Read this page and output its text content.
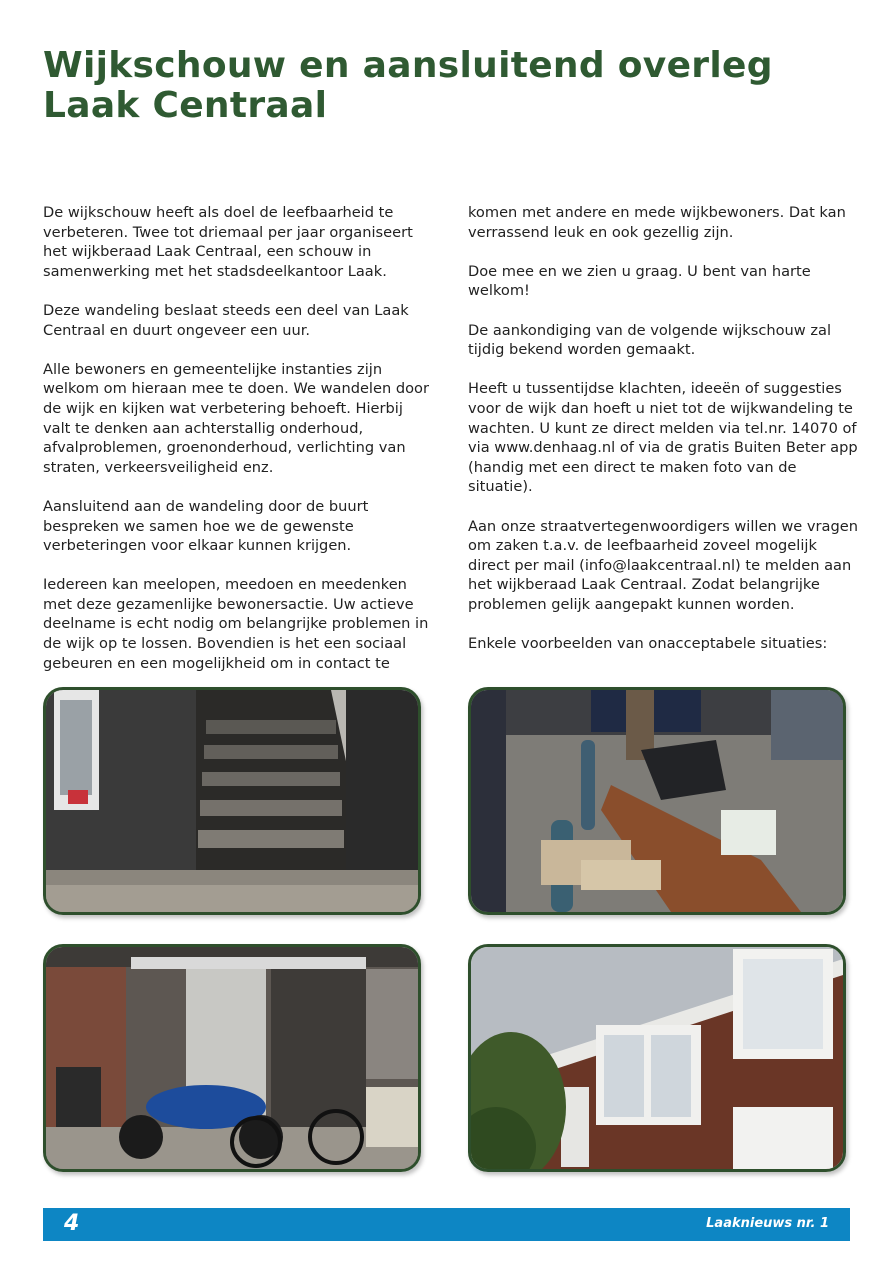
Wijkschouw en aansluitend overleg
Laak Centraal

De wijkschouw heeft als doel de leefbaarheid te verbeteren. Twee tot driemaal per jaar organiseert het wijkberaad Laak Centraal, een schouw in samenwerking met het stadsdeelkantoor Laak.

Deze wandeling beslaat steeds een deel van Laak Centraal en duurt ongeveer een uur.

Alle bewoners en gemeentelijke instanties zijn welkom om hieraan mee te doen. We wandelen door de wijk en kijken wat verbetering behoeft. Hierbij valt te denken aan achterstallig onderhoud, afvalproblemen, groenonderhoud, verlichting van straten, verkeersveiligheid enz.

Aansluitend aan de wandeling door de buurt bespreken we samen hoe we de gewenste verbeteringen voor elkaar kunnen krijgen.

Iedereen kan meelopen, meedoen en meedenken met deze gezamenlijke bewonersactie. Uw actieve deelname is echt nodig om belangrijke problemen in de wijk op te lossen. Bovendien is het een sociaal gebeuren en een mogelijkheid om in contact te

komen met andere en mede wijkbewoners. Dat kan verrassend leuk en ook gezellig zijn.

Doe mee en we zien u graag. U bent van harte welkom!

De aankondiging van de volgende wijkschouw zal tijdig bekend worden gemaakt.

Heeft u tussentijdse klachten, ideeën of suggesties voor de wijk dan hoeft u niet tot de wijkwandeling te wachten. U kunt ze direct melden via tel.nr. 14070 of via www.denhaag.nl of via de gratis Buiten Beter app (handig met een direct te maken foto van de situatie).

Aan onze straatvertegenwoordigers willen we vragen om zaken t.a.v. de leefbaarheid zoveel mogelijk direct per mail (info@laakcentraal.nl) te melden aan het wijkberaad Laak Centraal. Zodat belangrijke problemen gelijk aangepakt kunnen worden.

Enkele voorbeelden van onacceptabele situaties:

4	Laaknieuws nr. 1
